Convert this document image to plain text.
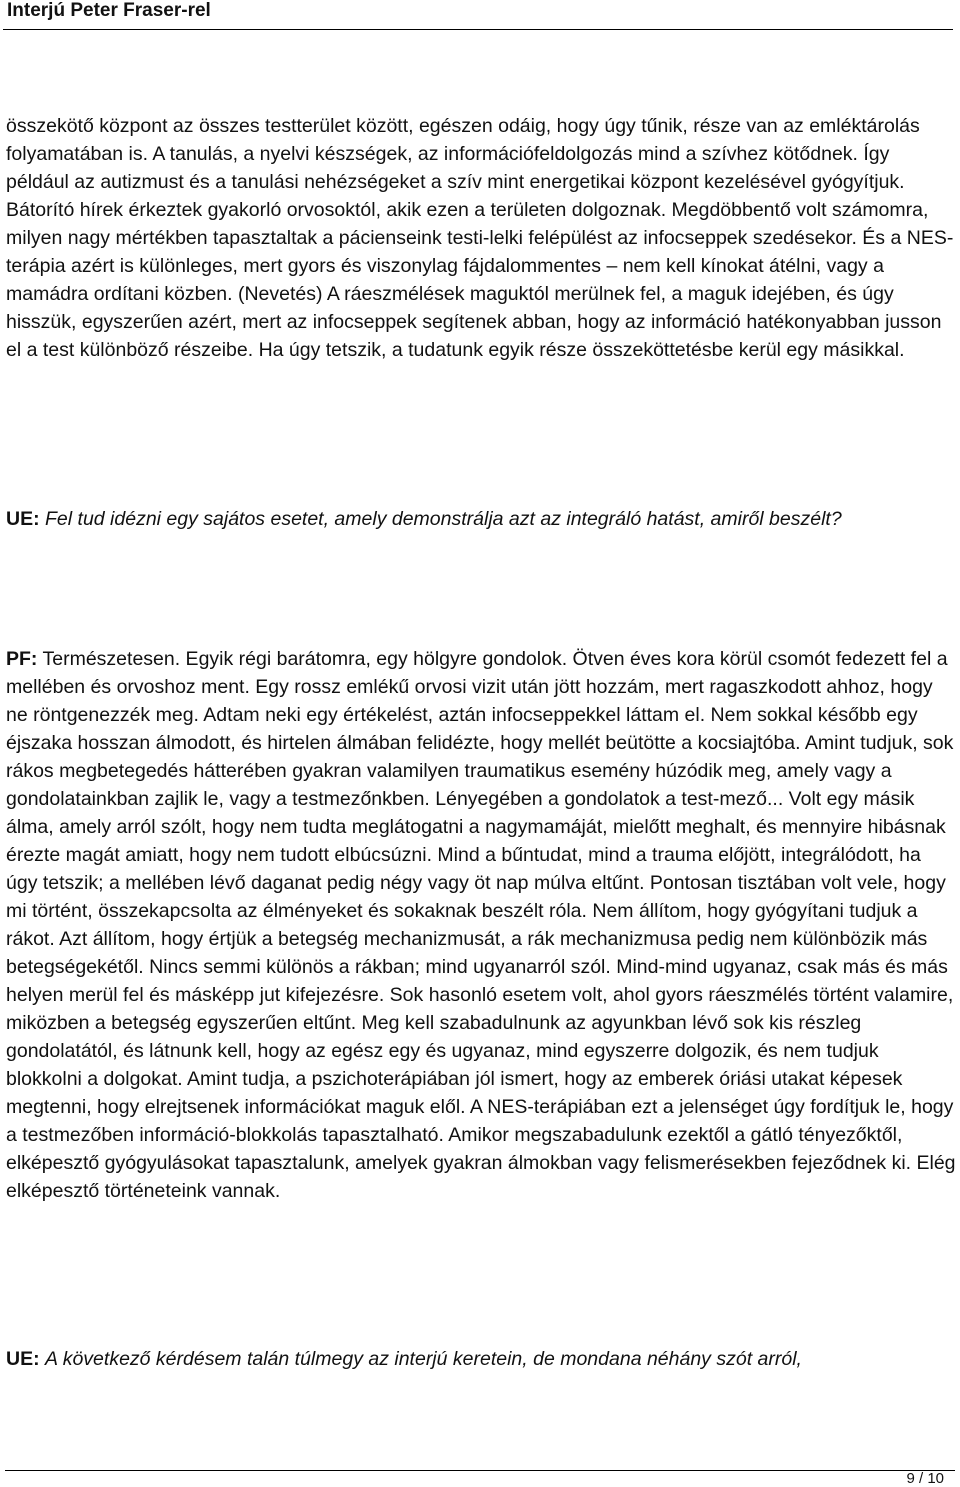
Interjú Peter Fraser-rel

összekötő központ az összes testterület között, egészen odáig, hogy úgy tűnik, része van az emléktárolás folyamatában is. A tanulás, a nyelvi készségek, az információfeldolgozás mind a szívhez kötődnek. Így például az autizmust és a tanulási nehézségeket a szív mint energetikai központ kezelésével gyógyítjuk. Bátorító hírek érkeztek gyakorló orvosoktól, akik ezen a területen dolgoznak. Megdöbbentő volt számomra, milyen nagy mértékben tapasztaltak a pácienseink testi-lelki felépülést az infocseppek szedésekor. És a NES-terápia azért is különleges, mert gyors és viszonylag fájdalommentes – nem kell kínokat átélni, vagy a mamádra ordítani közben. (Nevetés) A ráeszmélések maguktól merülnek fel, a maguk idejében, és úgy hisszük, egyszerűen azért, mert az infocseppek segítenek abban, hogy az információ hatékonyabban jusson el a test különböző részeibe. Ha úgy tetszik, a tudatunk egyik része összeköttetésbe kerül egy másikkal.

UE: Fel tud idézni egy sajátos esetet, amely demonstrálja azt az integráló hatást, amiről beszélt?

UE: A következő kérdésem talán túlmegy az interjú keretein, de mondana néhány szót arról,

PF: Természetesen. Egyik régi barátomra, egy hölgyre gondolok. Ötven éves kora körül csomót fedezett fel a mellében és orvoshoz ment. Egy rossz emlékű orvosi vizit után jött hozzám, mert ragaszkodott ahhoz, hogy ne röntgenezzék meg. Adtam neki egy értékelést, aztán infocseppekkel láttam el. Nem sokkal később egy éjszaka hosszan álmodott, és hirtelen álmában felidézte, hogy mellét beütötte a kocsiajtóba. Amint tudjuk, sok rákos megbetegedés hátterében gyakran valamilyen traumatikus esemény húzódik meg, amely vagy a gondolatainkban zajlik le, vagy a testmezőnkben. Lényegében a gondolatok a test-mező... Volt egy másik álma, amely arról szólt, hogy nem tudta meglátogatni a nagymamáját, mielőtt meghalt, és mennyire hibásnak érezte magát amiatt, hogy nem tudott elbúcsúzni. Mind a bűntudat, mind a trauma előjött, integrálódott, ha úgy tetszik; a mellében lévő daganat pedig négy vagy öt nap múlva eltűnt. Pontosan tisztában volt vele, hogy mi történt, összekapcsolta az élményeket és sokaknak beszélt róla. Nem állítom, hogy gyógyítani tudjuk a rákot. Azt állítom, hogy értjük a betegség mechanizmusát, a rák mechanizmusa pedig nem különbözik más betegségekétől. Nincs semmi különös a rákban; mind ugyanarról szól. Mind-mind ugyanaz, csak más és más helyen merül fel és másképp jut kifejezésre. Sok hasonló esetem volt, ahol gyors ráeszmélés történt valamire, miközben a betegség egyszerűen eltűnt. Meg kell szabadulnunk az agyunkban lévő sok kis részleg gondolatától, és látnunk kell, hogy az egész egy és ugyanaz, mind egyszerre dolgozik, és nem tudjuk blokkolni a dolgokat. Amint tudja, a pszichoterápiában jól ismert, hogy az emberek óriási utakat képesek megtenni, hogy elrejtsenek információkat maguk elől. A NES-terápiában ezt a jelenséget úgy fordítjuk le, hogy a testmezőben információ-blokkolás tapasztalható. Amikor megszabadulunk ezektől a gátló tényezőktől, elképesztő gyógyulásokat tapasztalunk, amelyek gyakran álmokban vagy felismerésekben fejeződnek ki. Elég elképesztő történeteink vannak.

9 / 10
